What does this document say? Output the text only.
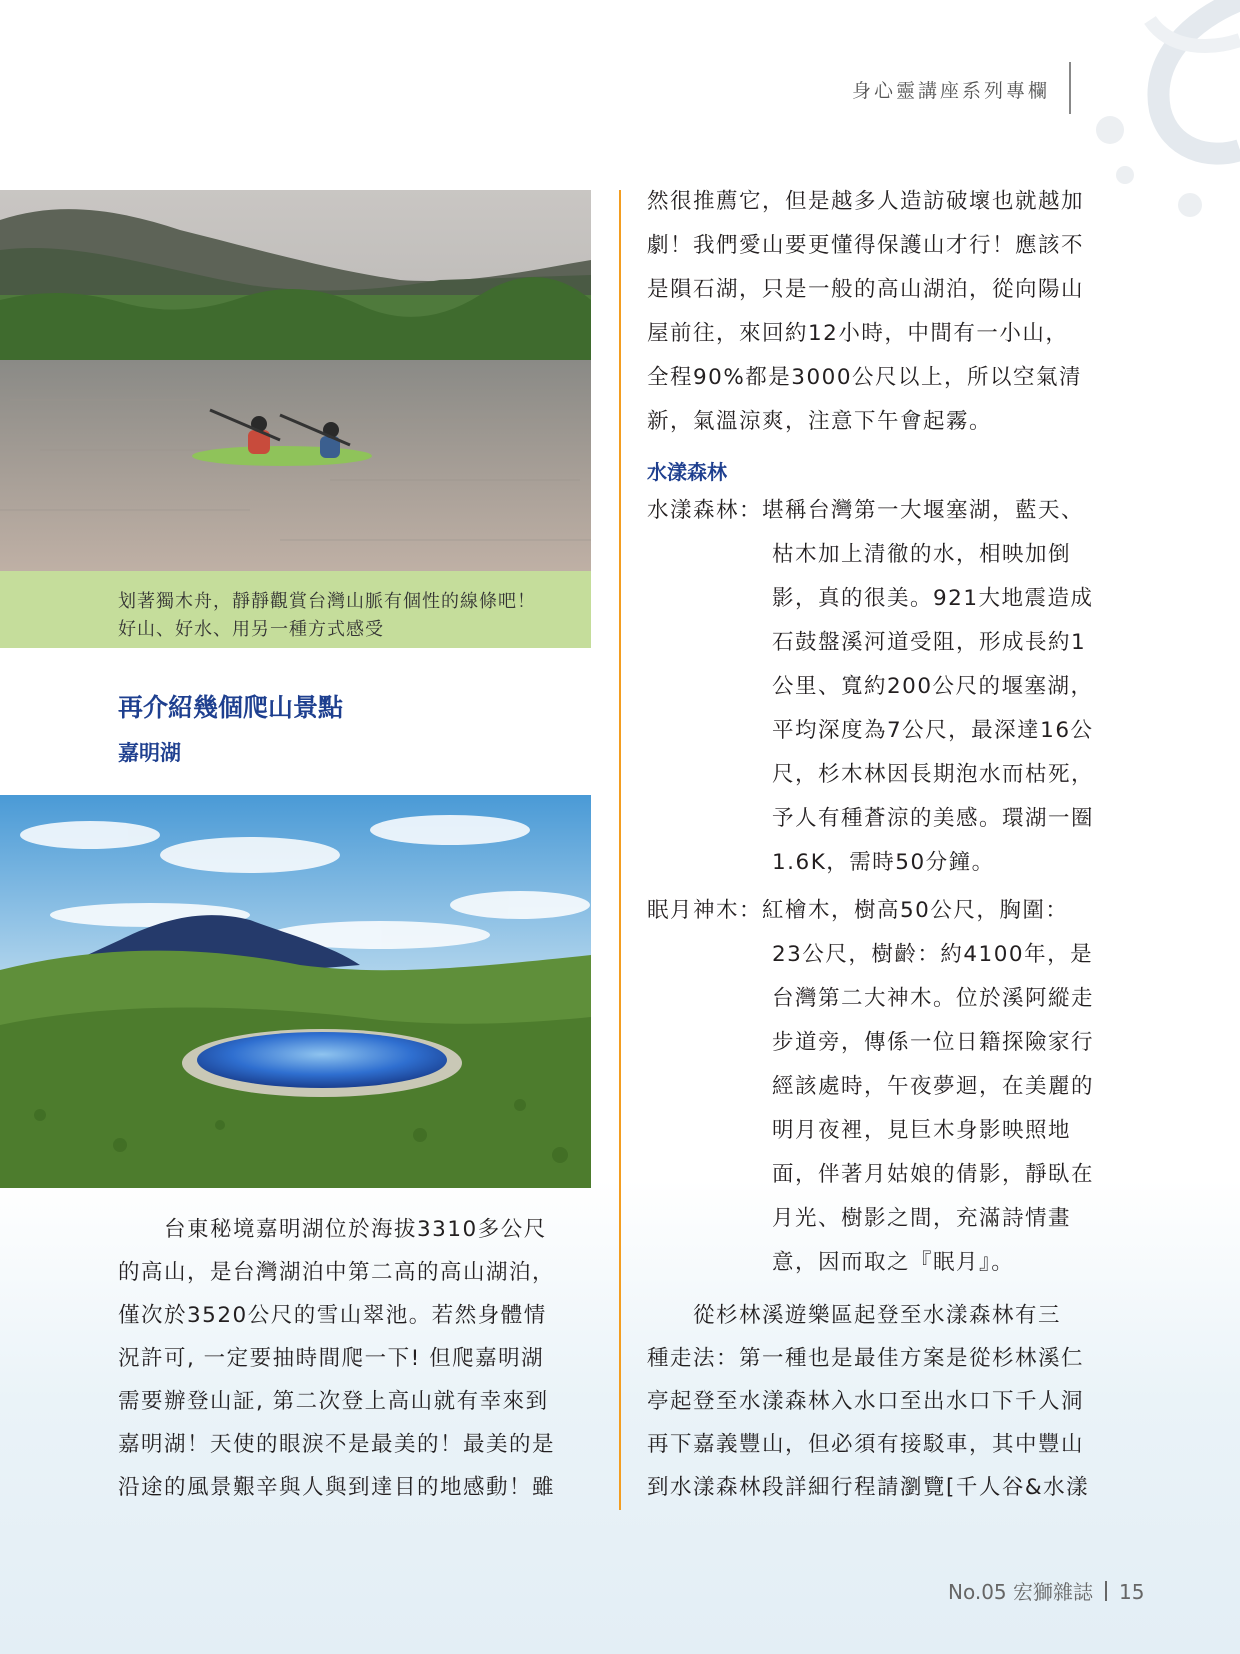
身心靈講座系列專欄

划著獨木舟，靜靜觀賞台灣山脈有個性的線條吧！

好山、好水、用另一種方式感受

再介紹幾個爬山景點
嘉明湖

　　台東秘境嘉明湖位於海拔3310多公尺

的高山，是台灣湖泊中第二高的高山湖泊，

僅次於3520公尺的雪山翠池。若然身體情

況許可, 一定要抽時間爬一下! 但爬嘉明湖

需要辦登山証, 第二次登上高山就有幸來到

嘉明湖！天使的眼淚不是最美的！最美的是

沿途的風景艱辛與人與到達目的地感動！雖

然很推薦它，但是越多人造訪破壞也就越加

劇！我們愛山要更懂得保護山才行！應該不

是隕石湖，只是一般的高山湖泊，從向陽山

屋前往，來回約12小時，中間有一小山，

全程90%都是3000公尺以上，所以空氣清

新，氣溫涼爽，注意下午會起霧。

水漾森林

水漾森林：堪稱台灣第一大堰塞湖，藍天、

枯木加上清徹的水，相映加倒

影，真的很美。921大地震造成

石鼓盤溪河道受阻，形成長約1

公里、寬約200公尺的堰塞湖，

平均深度為7公尺，最深達16公

尺，杉木林因長期泡水而枯死，

予人有種蒼涼的美感。環湖一圈

1.6K，需時50分鐘。

眠月神木：紅檜木，樹高50公尺，胸圍：

23公尺，樹齡：約4100年，是

台灣第二大神木。位於溪阿縱走

步道旁，傳係一位日籍探險家行

經該處時，午夜夢迴，在美麗的

明月夜裡，見巨木身影映照地

面，伴著月姑娘的倩影，靜臥在

月光、樹影之間，充滿詩情畫

意，因而取之『眠月』。

　　從杉林溪遊樂區起登至水漾森林有三

種走法：第一種也是最佳方案是從杉林溪仁

亭起登至水漾森林入水口至出水口下千人洞

再下嘉義豐山，但必須有接駁車，其中豐山

到水漾森林段詳細行程請瀏覽[千人谷&水漾

No.05 宏獅雜誌 15
